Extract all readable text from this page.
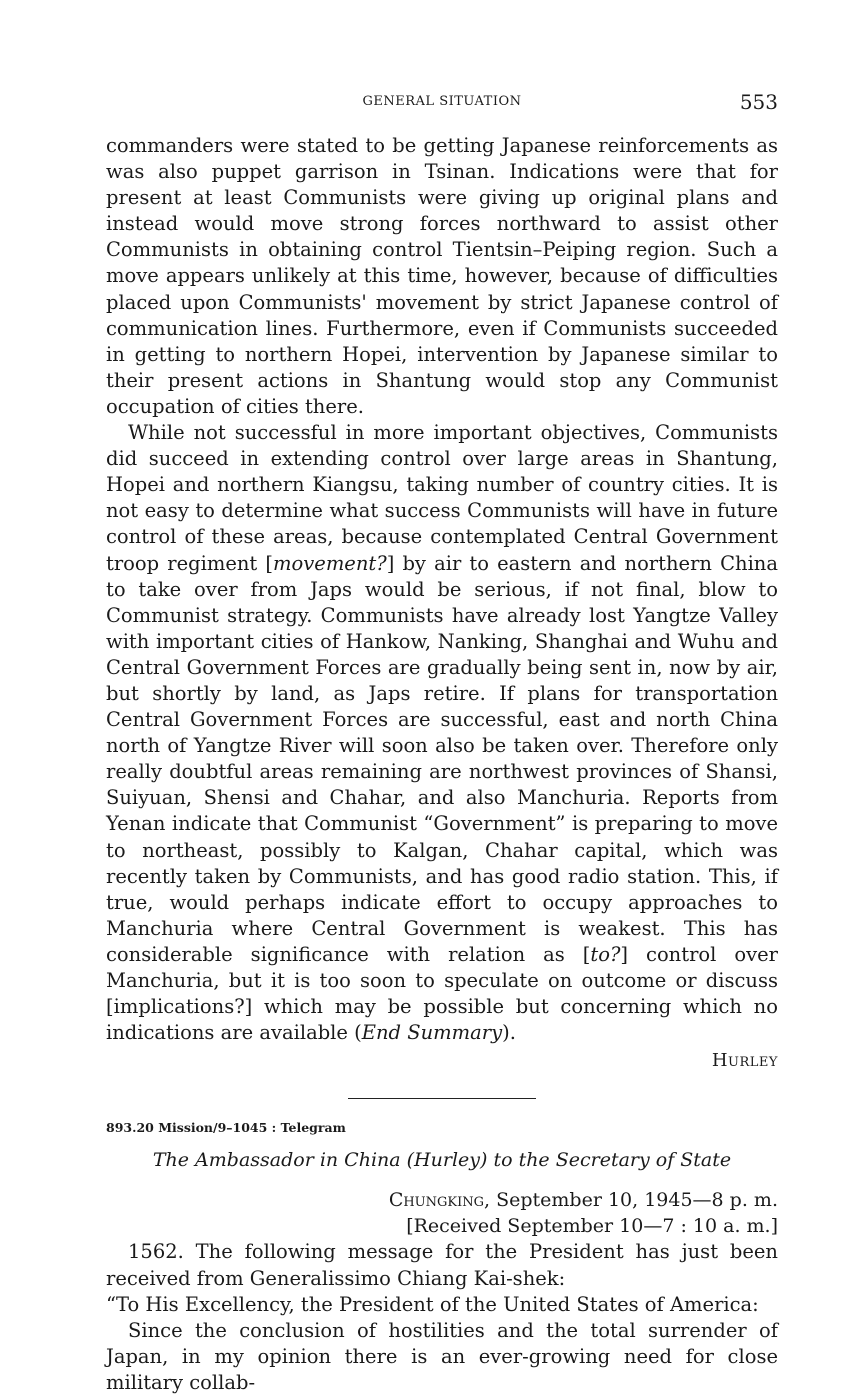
GENERAL SITUATION	553

commanders were stated to be getting Japanese reinforcements as was also puppet garrison in Tsinan. Indications were that for present at least Communists were giving up original plans and instead would move strong forces northward to assist other Communists in obtaining control Tientsin–Peiping region. Such a move appears unlikely at this time, however, because of difficulties placed upon Communists' movement by strict Japanese control of communication lines. Furthermore, even if Communists succeeded in getting to northern Hopei, intervention by Japanese similar to their present actions in Shantung would stop any Communist occupation of cities there.

While not successful in more important objectives, Communists did succeed in extending control over large areas in Shantung, Hopei and northern Kiangsu, taking number of country cities. It is not easy to determine what success Communists will have in future control of these areas, because contemplated Central Government troop regiment [movement?] by air to eastern and northern China to take over from Japs would be serious, if not final, blow to Communist strategy. Communists have already lost Yangtze Valley with important cities of Hankow, Nanking, Shanghai and Wuhu and Central Government Forces are gradually being sent in, now by air, but shortly by land, as Japs retire. If plans for transportation Central Government Forces are successful, east and north China north of Yangtze River will soon also be taken over. Therefore only really doubtful areas remaining are northwest provinces of Shansi, Suiyuan, Shensi and Chahar, and also Manchuria. Reports from Yenan indicate that Communist “Government” is preparing to move to northeast, possibly to Kalgan, Chahar capital, which was recently taken by Communists, and has good radio station. This, if true, would perhaps indicate effort to occupy approaches to Manchuria where Central Government is weakest. This has considerable significance with relation as [to?] control over Manchuria, but it is too soon to speculate on outcome or discuss [implications?] which may be possible but concerning which no indications are available (End Summary).

Hurley
893.20 Mission/9–1045 : Telegram
The Ambassador in China (Hurley) to the Secretary of State
Chungking, September 10, 1945—8 p. m.
[Received September 10—7 : 10 a. m.]

1562. The following message for the President has just been received from Generalissimo Chiang Kai-shek:

“To His Excellency, the President of the United States of America:

Since the conclusion of hostilities and the total surrender of Japan, in my opinion there is an ever-growing need for close military collab-
